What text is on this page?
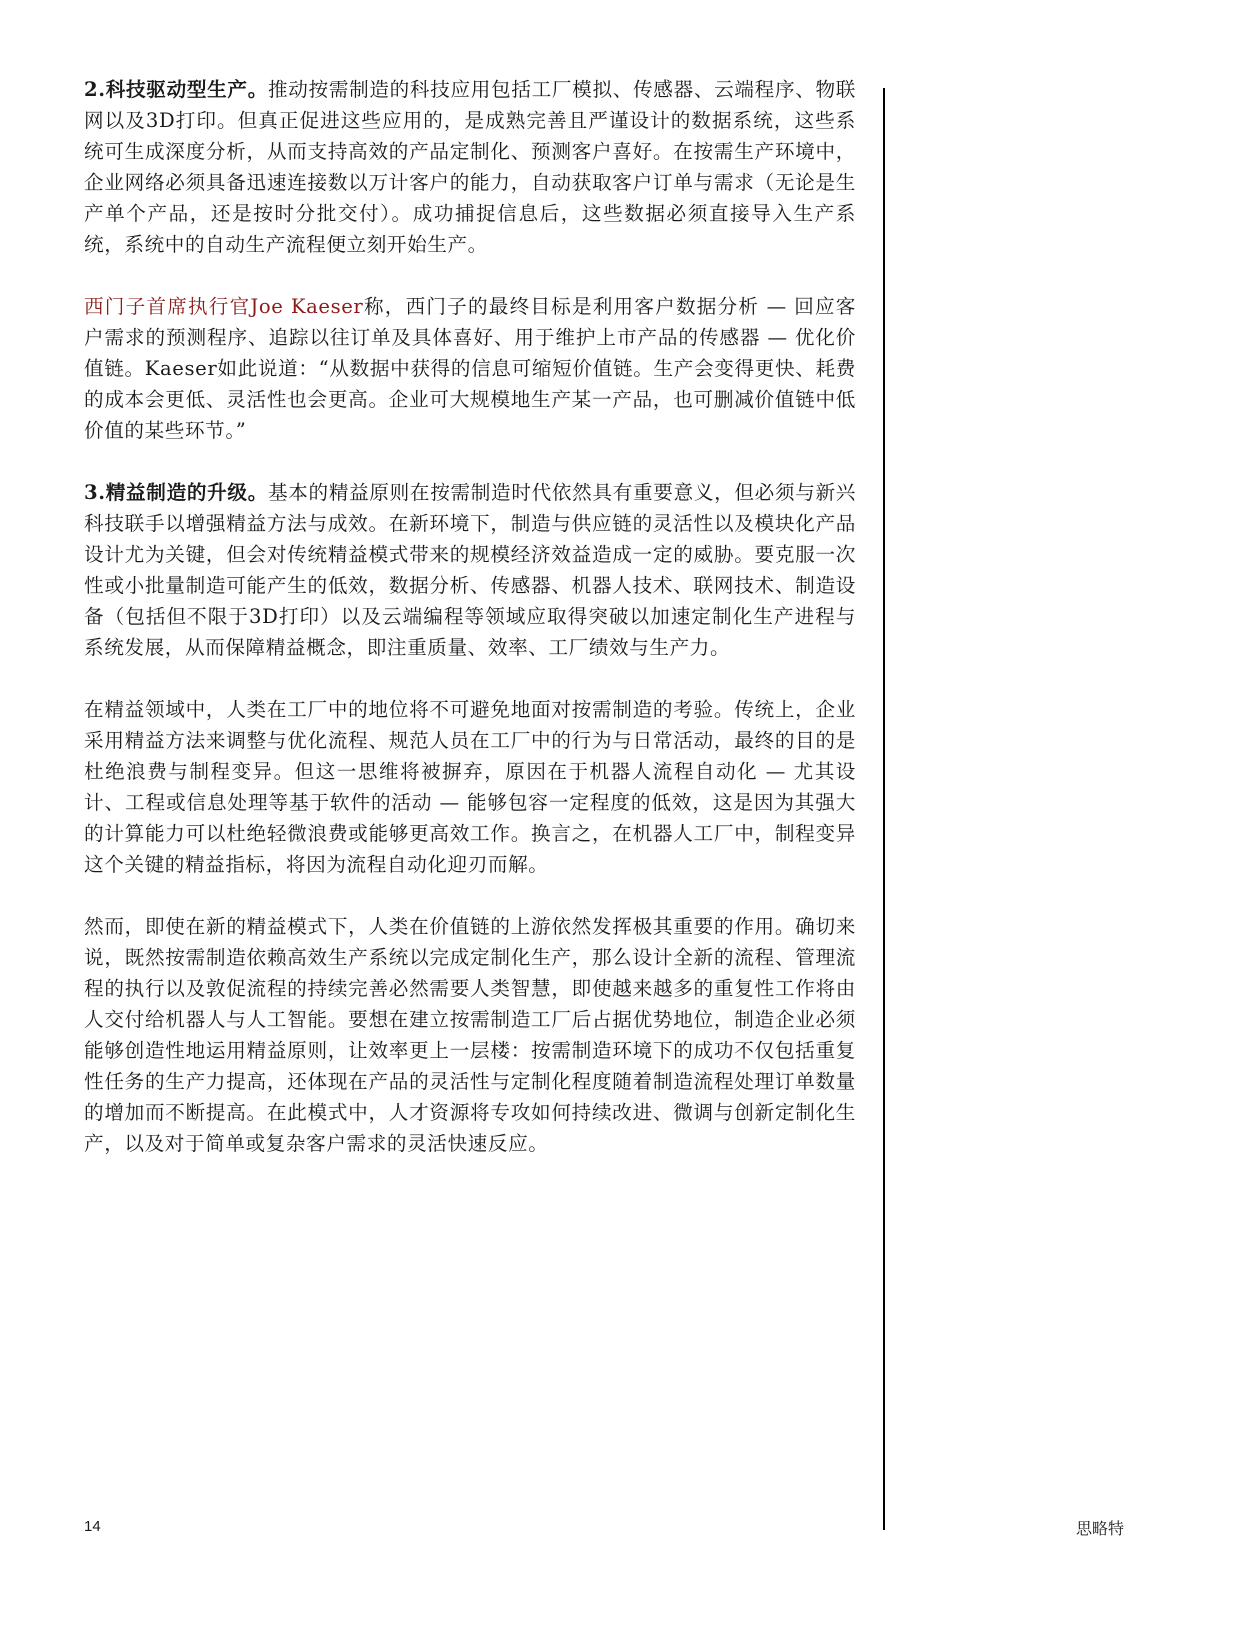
2.科技驱动型生产。推动按需制造的科技应用包括工厂模拟、传感器、云端程序、物联网以及3D打印。但真正促进这些应用的，是成熟完善且严谨设计的数据系统，这些系统可生成深度分析，从而支持高效的产品定制化、预测客户喜好。在按需生产环境中，企业网络必须具备迅速连接数以万计客户的能力，自动获取客户订单与需求（无论是生产单个产品，还是按时分批交付）。成功捕捉信息后，这些数据必须直接导入生产系统，系统中的自动生产流程便立刻开始生产。

西门子首席执行官Joe Kaeser称，西门子的最终目标是利用客户数据分析 — 回应客户需求的预测程序、追踪以往订单及具体喜好、用于维护上市产品的传感器 — 优化价值链。Kaeser如此说道：“从数据中获得的信息可缩短价值链。生产会变得更快、耗费的成本会更低、灵活性也会更高。企业可大规模地生产某一产品，也可删减价值链中低价值的某些环节。”

3.精益制造的升级。基本的精益原则在按需制造时代依然具有重要意义，但必须与新兴科技联手以增强精益方法与成效。在新环境下，制造与供应链的灵活性以及模块化产品设计尤为关键，但会对传统精益模式带来的规模经济效益造成一定的威胁。要克服一次性或小批量制造可能产生的低效，数据分析、传感器、机器人技术、联网技术、制造设备（包括但不限于3D打印）以及云端编程等领域应取得突破以加速定制化生产进程与系统发展，从而保障精益概念，即注重质量、效率、工厂绩效与生产力。

在精益领域中，人类在工厂中的地位将不可避免地面对按需制造的考验。传统上，企业采用精益方法来调整与优化流程、规范人员在工厂中的行为与日常活动，最终的目的是杜绝浪费与制程变异。但这一思维将被摒弃，原因在于机器人流程自动化 — 尤其设计、工程或信息处理等基于软件的活动 — 能够包容一定程度的低效，这是因为其强大的计算能力可以杜绝轻微浪费或能够更高效工作。换言之，在机器人工厂中，制程变异这个关键的精益指标，将因为流程自动化迎刃而解。

然而，即使在新的精益模式下，人类在价值链的上游依然发挥极其重要的作用。确切来说，既然按需制造依赖高效生产系统以完成定制化生产，那么设计全新的流程、管理流程的执行以及敦促流程的持续完善必然需要人类智慧，即使越来越多的重复性工作将由人交付给机器人与人工智能。要想在建立按需制造工厂后占据优势地位，制造企业必须能够创造性地运用精益原则，让效率更上一层楼：按需制造环境下的成功不仅包括重复性任务的生产力提高，还体现在产品的灵活性与定制化程度随着制造流程处理订单数量的增加而不断提高。在此模式中，人才资源将专攻如何持续改进、微调与创新定制化生产，以及对于简单或复杂客户需求的灵活快速反应。

14	思略特
